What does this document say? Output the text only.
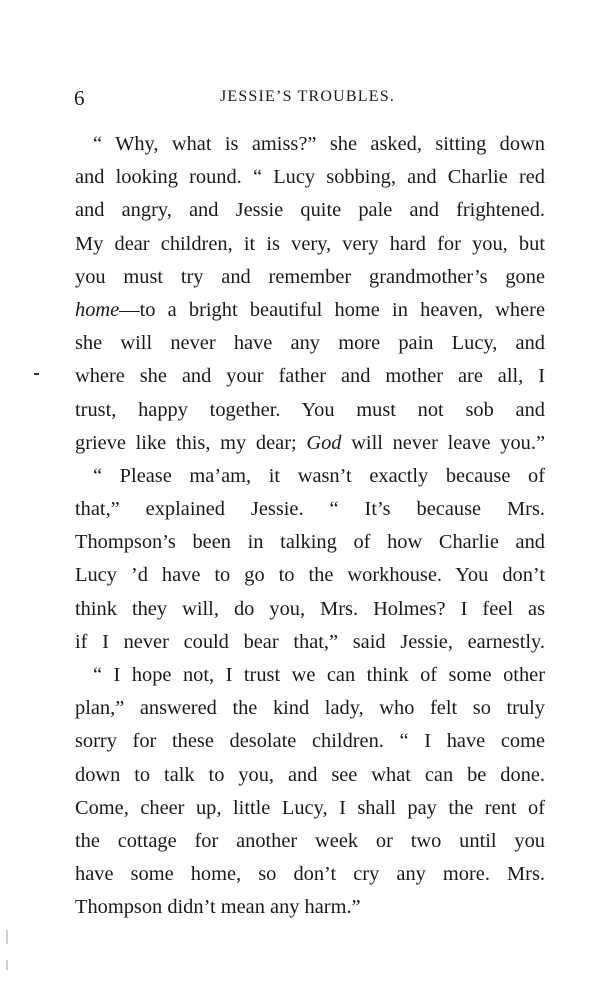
6	JESSIE’S TROUBLES.
“ Why, what is amiss?” she asked, sitting down
and looking round. “ Lucy sobbing, and Charlie red
and angry, and Jessie quite pale and frightened.
My dear children, it is very, very hard for you, but
you must try and remember grandmother’s gone
home—to a bright beautiful home in heaven, where
she will never have any more pain Lucy, and
where she and your father and mother are all, I
trust, happy together. You must not sob and
grieve like this, my dear; God will never leave you.”
“ Please ma’am, it wasn’t exactly because of
that,” explained Jessie. “ It’s because Mrs.
Thompson’s been in talking of how Charlie and
Lucy ’d have to go to the workhouse. You don’t
think they will, do you, Mrs. Holmes? I feel as
if I never could bear that,” said Jessie, earnestly.
“ I hope not, I trust we can think of some other
plan,” answered the kind lady, who felt so truly
sorry for these desolate children. “ I have come
down to talk to you, and see what can be done.
Come, cheer up, little Lucy, I shall pay the rent of
the cottage for another week or two until you
have some home, so don’t cry any more. Mrs.
Thompson didn’t mean any harm.”
